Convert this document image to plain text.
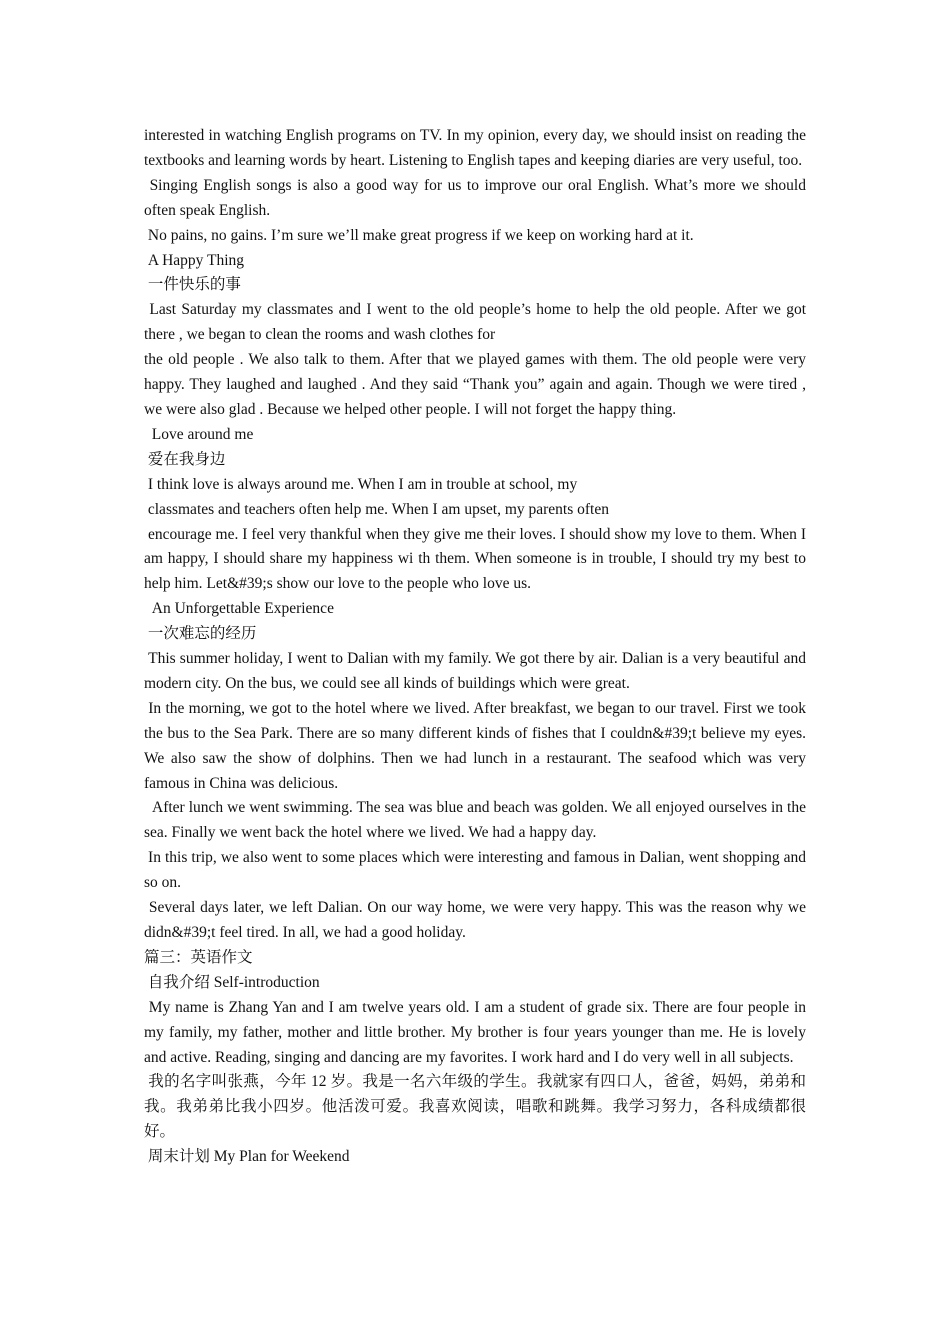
interested in watching English programs on TV. In my opinion, every day, we should insist on reading the textbooks and learning words by heart. Listening to English tapes and keeping diaries are very useful, too.

Singing English songs is also a good way for us to improve our oral English. What’s more we should often speak English.

No pains, no gains. I’m sure we’ll make great progress if we keep on working hard at it.

A Happy Thing

一件快乐的事

Last Saturday my classmates and I went to the old people’s home to help the old people. After we got there , we began to clean the rooms and wash clothes for

the old people . We also talk to them. After that we played games with them. The old people were very happy. They laughed and laughed . And they said “Thank you” again and again. Though we were tired , we were also glad . Because we helped other people. I will not forget the happy thing.

Love around me

爱在我身边

I think love is always around me. When I am in trouble at school, my

classmates and teachers often help me. When I am upset, my parents often

encourage me. I feel very thankful when they give me their loves. I should show my love to them. When I am happy, I should share my happiness wi th them. When someone is in trouble, I should try my best to help him. Let&#39;s show our love to the people who love us.

An Unforgettable Experience

一次难忘的经历

This summer holiday, I went to Dalian with my family. We got there by air. Dalian is a very beautiful and modern city. On the bus, we could see all kinds of buildings which were great.

In the morning, we got to the hotel where we lived. After breakfast, we began to our travel. First we took the bus to the Sea Park. There are so many different kinds of fishes that I couldn&#39;t believe my eyes. We also saw the show of dolphins. Then we had lunch in a restaurant. The seafood which was very famous in China was delicious.

After lunch we went swimming. The sea was blue and beach was golden. We all enjoyed ourselves in the sea. Finally we went back the hotel where we lived. We had a happy day.

In this trip, we also went to some places which were interesting and famous in Dalian, went shopping and so on.

Several days later, we left Dalian. On our way home, we were very happy. This was the reason why we didn&#39;t feel tired. In all, we had a good holiday.

篇三：英语作文

自我介绍 Self-introduction

My name is Zhang Yan and I am twelve years old. I am a student of grade six. There are four people in my family, my father, mother and little brother. My brother is four years younger than me. He is lovely and active. Reading, singing and dancing are my favorites. I work hard and I do very well in all subjects.

我的名字叫张燕，今年 12 岁。我是一名六年级的学生。我就家有四口人，爸爸，妈妈，弟弟和我。我弟弟比我小四岁。他活泼可爱。我喜欢阅读，唱歌和跳舞。我学习努力，各科成绩都很好。

周末计划 My Plan for Weekend
